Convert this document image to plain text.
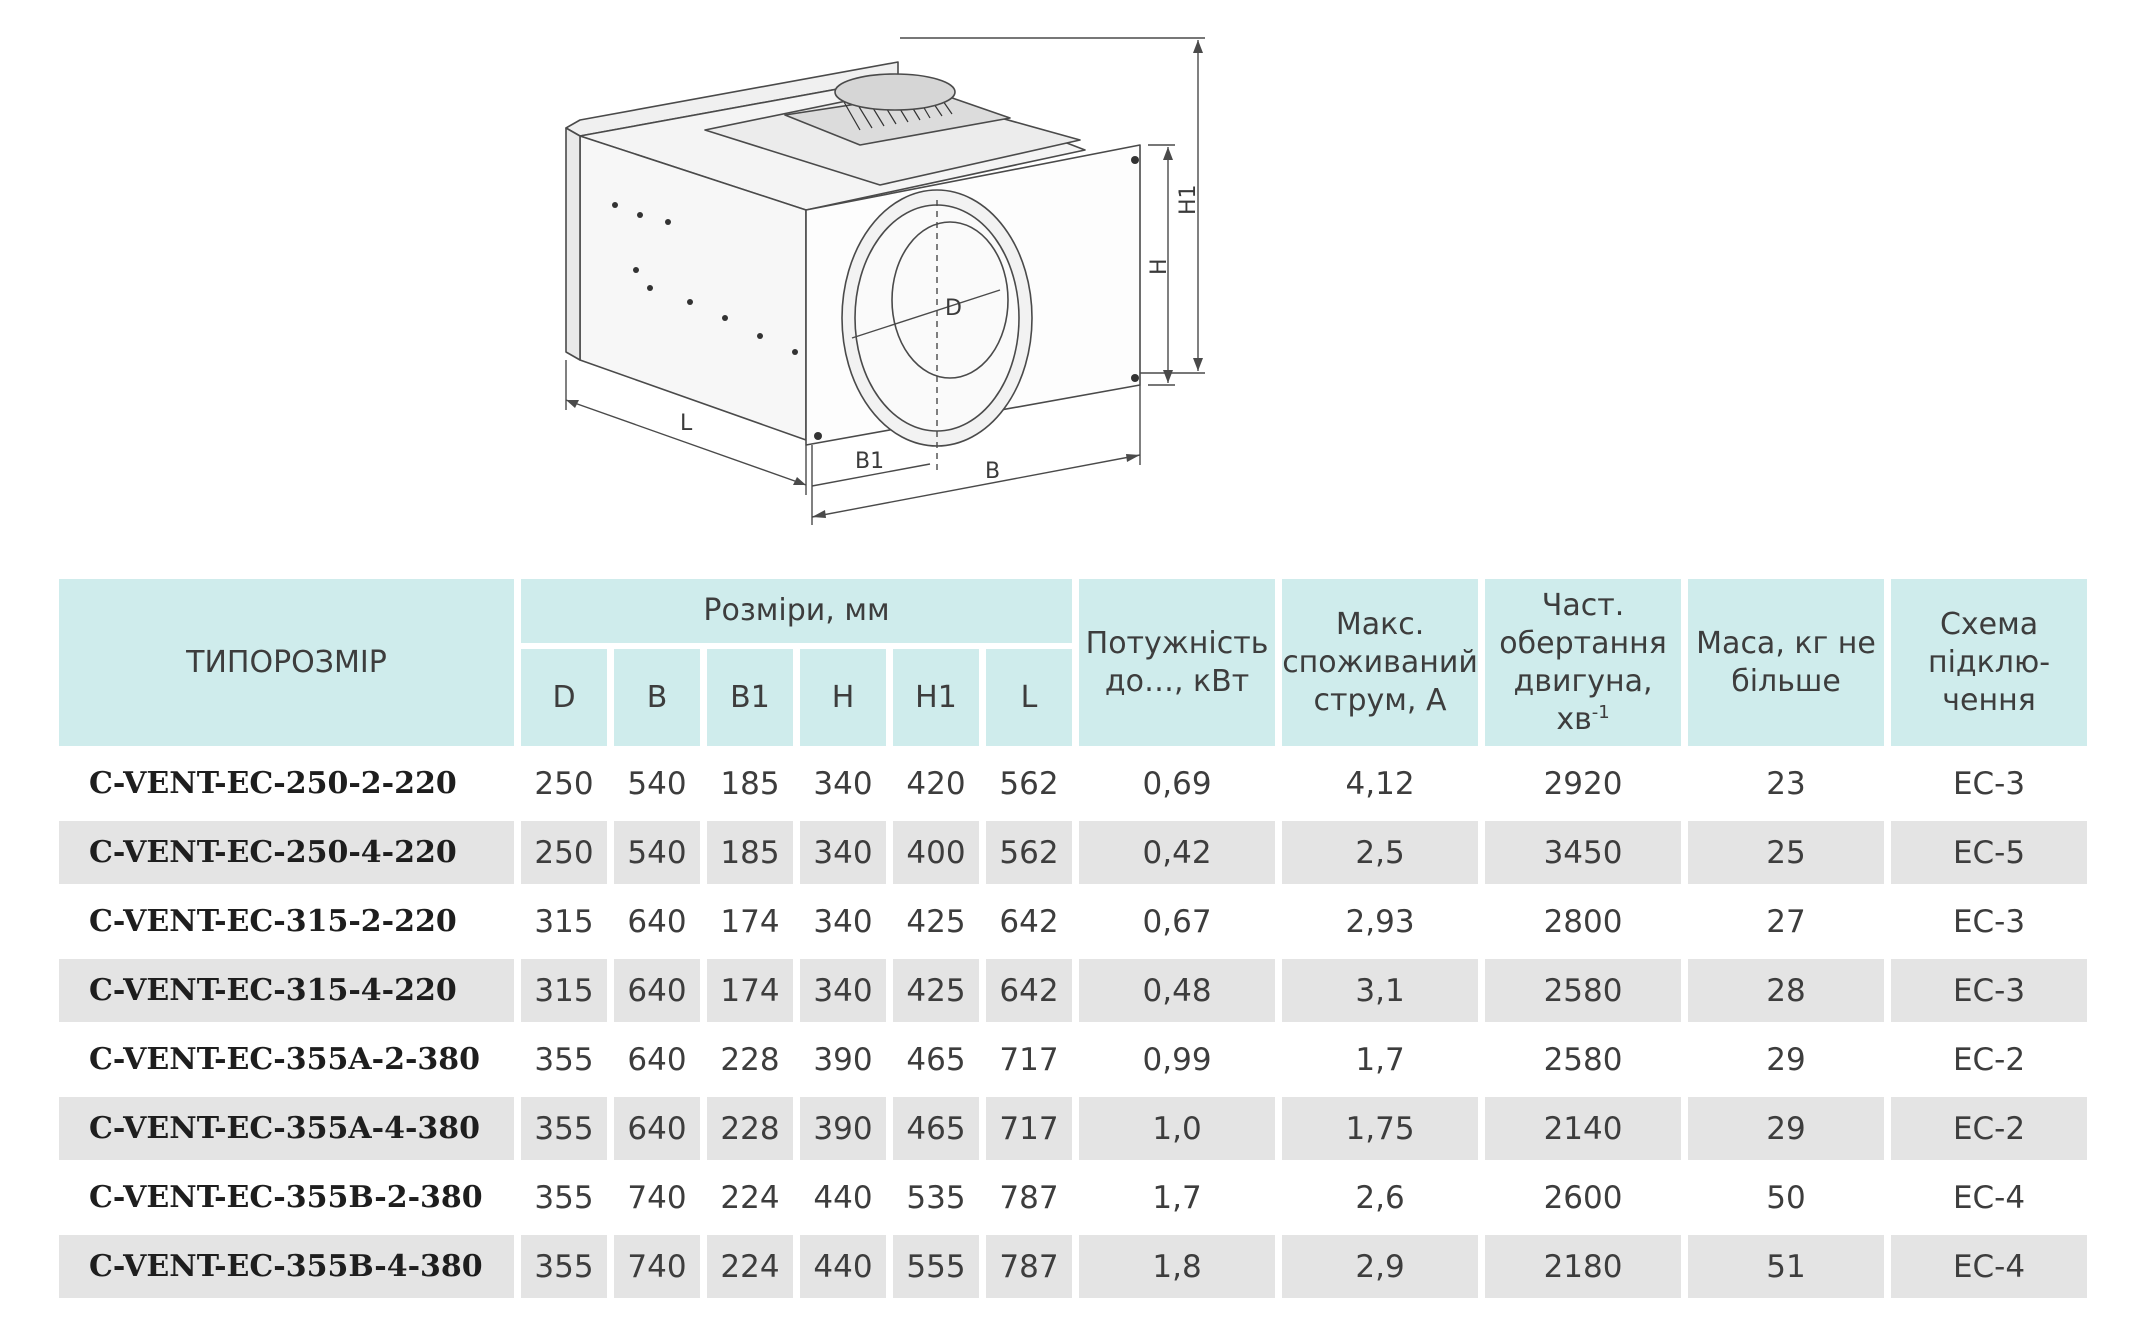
L
B1	B
D
H
H1
ТИПОРОЗМІР	Розміри, мм						Потужність до…, кВт	Макс. споживаний струм, А	Част. обертання двигуна, $хв^{-1}$	Маса, кг не більше	Схема підклю- чення
	D	B	B1	H	H1	L					
C-VENT-EC-250-2-220	250	540	185	340	420	562	0,69	4,12	2920	23	EC-3
C-VENT-EC-250-4-220	250	540	185	340	400	562	0,42	2,5	3450	25	EC-5
C-VENT-EC-315-2-220	315	640	174	340	425	642	0,67	2,93	2800	27	EC-3
C-VENT-EC-315-4-220	315	640	174	340	425	642	0,48	3,1	2580	28	EC-3
C-VENT-EC-355A-2-380	355	640	228	390	465	717	0,99	1,7	2580	29	EC-2
C-VENT-EC-355A-4-380	355	640	228	390	465	717	1,0	1,75	2140	29	EC-2
C-VENT-EC-355B-2-380	355	740	224	440	535	787	1,7	2,6	2600	50	EC-4
C-VENT-EC-355B-4-380	355	740	224	440	555	787	1,8	2,9	2180	51	EC-4
